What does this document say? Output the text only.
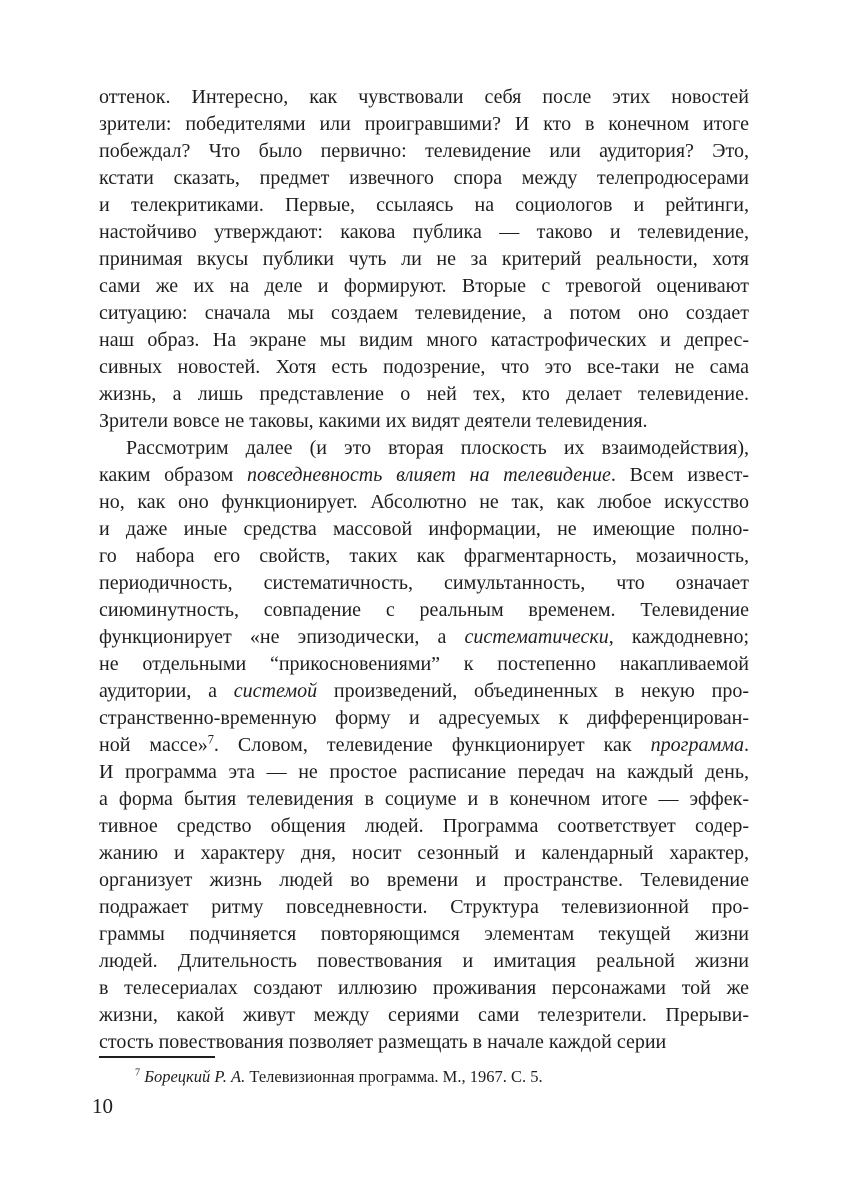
оттенок. Интересно, как чувствовали себя после этих новостей
зрители: победителями или проигравшими? И кто в конечном итоге
побеждал? Что было первично: телевидение или аудитория? Это,
кстати сказать, предмет извечного спора между телепродюсерами
и телекритиками. Первые, ссылаясь на социологов и рейтинги,
настойчиво утверждают: какова публика — таково и телевидение,
принимая вкусы публики чуть ли не за критерий реальности, хотя
сами же их на деле и формируют. Вторые с тревогой оценивают
ситуацию: сначала мы создаем телевидение, а потом оно создает
наш образ. На экране мы видим много катастрофических и депрес-
сивных новостей. Хотя есть подозрение, что это все-таки не сама
жизнь, а лишь представление о ней тех, кто делает телевидение.
Зрители вовсе не таковы, какими их видят деятели телевидения.
Рассмотрим далее (и это вторая плоскость их взаимодействия),
каким образом повседневность влияет на телевидение. Всем извест-
но, как оно функционирует. Абсолютно не так, как любое искусство
и даже иные средства массовой информации, не имеющие полно-
го набора его свойств, таких как фрагментарность, мозаичность,
периодичность, систематичность, симультанность, что означает
сиюминутность, совпадение с реальным временем. Телевидение
функционирует «не эпизодически, а систематически, каждодневно;
не отдельными “прикосновениями” к постепенно накапливаемой
аудитории, а системой произведений, объединенных в некую про-
странственно-временную форму и адресуемых к дифференцирован-
ной массе»$^7$. Словом, телевидение функционирует как программа.
И программа эта — не простое расписание передач на каждый день,
а форма бытия телевидения в социуме и в конечном итоге — эффек-
тивное средство общения людей. Программа соответствует содер-
жанию и характеру дня, носит сезонный и календарный характер,
организует жизнь людей во времени и пространстве. Телевидение
подражает ритму повседневности. Структура телевизионной про-
граммы подчиняется повторяющимся элементам текущей жизни
людей. Длительность повествования и имитация реальной жизни
в телесериалах создают иллюзию проживания персонажами той же
жизни, какой живут между сериями сами телезрители. Прерыви-
стость повествования позволяет размещать в начале каждой серии
$^7$ Борецкий Р. А. Телевизионная программа. М., 1967. С. 5.
10
